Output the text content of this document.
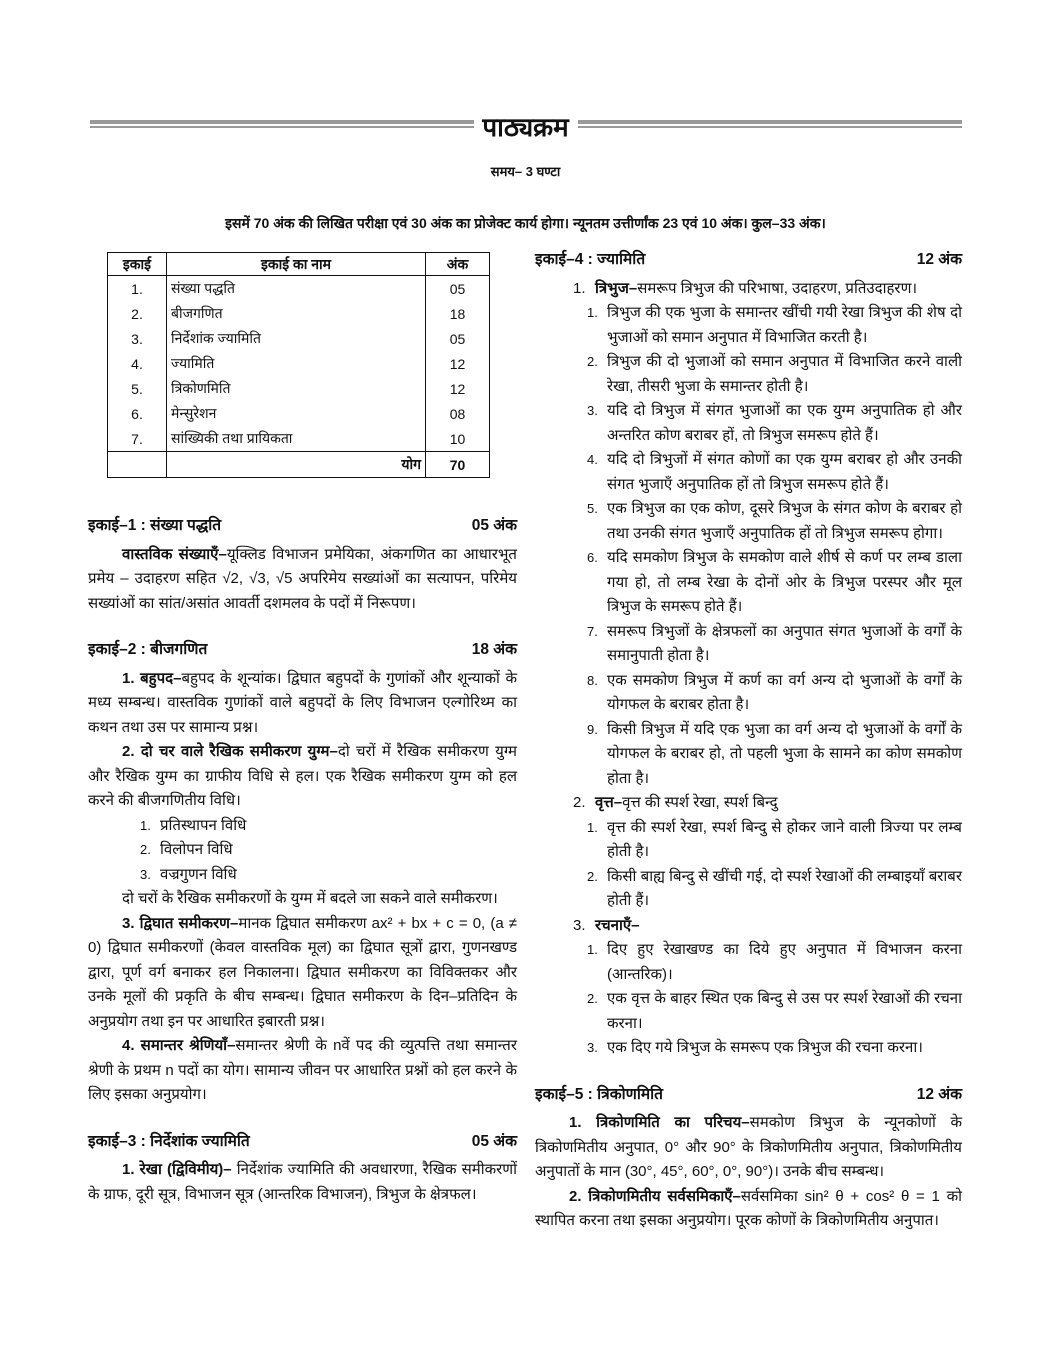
पाठ्यक्रम
समय– 3 घण्टा
इसमें 70 अंक की लिखित परीक्षा एवं 30 अंक का प्रोजेक्ट कार्य होगा। न्यूनतम उत्तीर्णांक 23 एवं 10 अंक। कुल–33 अंक।
इकाई	इकाई का नाम	अंक
1.	संख्या पद्धति	05
2.	बीजगणित	18
3.	निर्देशांक ज्यामिति	05
4.	ज्यामिति	12
5.	त्रिकोणमिति	12
6.	मेन्सुरेशन	08
7.	सांख्यिकी तथा प्रायिकता	10
	योग	70
इकाई–1 : संख्या पद्धति	05 अंक
वास्तविक संख्याएँ–यूक्लिड विभाजन प्रमेयिका, अंकगणित का आधारभूत प्रमेय – उदाहरण सहित √2, √3, √5 अपरिमेय सख्यांओं का सत्यापन, परिमेय सख्यांओं का सांत/असांत आवर्ती दशमलव के पदों में निरूपण।
इकाई–2 : बीजगणित	18 अंक
1. बहुपद–बहुपद के शून्यांक। द्विघात बहुपदों के गुणांकों और शून्याकों के मध्य सम्बन्ध। वास्तविक गुणांकों वाले बहुपदों के लिए विभाजन एल्गोरिथ्म का कथन तथा उस पर सामान्य प्रश्न।
2. दो चर वाले रैखिक समीकरण युग्म–दो चरों में रैखिक समीकरण युग्म और रैखिक युग्म का ग्राफीय विधि से हल। एक रैखिक समीकरण युग्म को हल करने की बीजगणितीय विधि।
1. प्रतिस्थापन विधि
2. विलोपन विधि
3. वज्रगुणन विधि
दो चरों के रैखिक समीकरणों के युग्म में बदले जा सकने वाले समीकरण।
3. द्विघात समीकरण–मानक द्विघात समीकरण ax² + bx + c = 0, (a ≠ 0) द्विघात समीकरणों (केवल वास्तविक मूल) का द्विघात सूत्रों द्वारा, गुणनखण्ड द्वारा, पूर्ण वर्ग बनाकर हल निकालना। द्विघात समीकरण का विविक्तकर और उनके मूलों की प्रकृति के बीच सम्बन्ध। द्विघात समीकरण के दिन–प्रतिदिन के अनुप्रयोग तथा इन पर आधारित इबारती प्रश्न।
4. समान्तर श्रेणियाँ–समान्तर श्रेणी के nवें पद की व्युत्पत्ति तथा समान्तर श्रेणी के प्रथम n पदों का योग। सामान्य जीवन पर आधारित प्रश्नों को हल करने के लिए इसका अनुप्रयोग।
इकाई–3 : निर्देशांक ज्यामिति	05 अंक
1. रेखा (द्विविमीय)– निर्देशांक ज्यामिति की अवधारणा, रैखिक समीकरणों के ग्राफ, दूरी सूत्र, विभाजन सूत्र (आन्तरिक विभाजन), त्रिभुज के क्षेत्रफल।
इकाई–4 : ज्यामिति	12 अंक
1. त्रिभुज–समरूप त्रिभुज की परिभाषा, उदाहरण, प्रतिउदाहरण।
1. त्रिभुज की एक भुजा के समान्तर खींची गयी रेखा त्रिभुज की शेष दो भुजाओं को समान अनुपात में विभाजित करती है।
2. त्रिभुज की दो भुजाओं को समान अनुपात में विभाजित करने वाली रेखा, तीसरी भुजा के समान्तर होती है।
3. यदि दो त्रिभुज में संगत भुजाओं का एक युग्म अनुपातिक हो और अन्तरित कोण बराबर हों, तो त्रिभुज समरूप होते हैं।
4. यदि दो त्रिभुजों में संगत कोणों का एक युग्म बराबर हो और उनकी संगत भुजाएँ अनुपातिक हों तो त्रिभुज समरूप होते हैं।
5. एक त्रिभुज का एक कोण, दूसरे त्रिभुज के संगत कोण के बराबर हो तथा उनकी संगत भुजाएँ अनुपातिक हों तो त्रिभुज समरूप होगा।
6. यदि समकोण त्रिभुज के समकोण वाले शीर्ष से कर्ण पर लम्ब डाला गया हो, तो लम्ब रेखा के दोनों ओर के त्रिभुज परस्पर और मूल त्रिभुज के समरूप होते हैं।
7. समरूप त्रिभुजों के क्षेत्रफलों का अनुपात संगत भुजाओं के वर्गों के समानुपाती होता है।
8. एक समकोण त्रिभुज में कर्ण का वर्ग अन्य दो भुजाओं के वर्गों के योगफल के बराबर होता है।
9. किसी त्रिभुज में यदि एक भुजा का वर्ग अन्य दो भुजाओं के वर्गों के योगफल के बराबर हो, तो पहली भुजा के सामने का कोण समकोण होता है।
2. वृत्त–वृत्त की स्पर्श रेखा, स्पर्श बिन्दु
1. वृत्त की स्पर्श रेखा, स्पर्श बिन्दु से होकर जाने वाली त्रिज्या पर लम्ब होती है।
2. किसी बाह्य बिन्दु से खींची गई, दो स्पर्श रेखाओं की लम्बाइयाँ बराबर होती हैं।
3. रचनाएँ–
1. दिए हुए रेखाखण्ड का दिये हुए अनुपात में विभाजन करना (आन्तरिक)।
2. एक वृत्त के बाहर स्थित एक बिन्दु से उस पर स्पर्श रेखाओं की रचना करना।
3. एक दिए गये त्रिभुज के समरूप एक त्रिभुज की रचना करना।
इकाई–5 : त्रिकोणमिति	12 अंक
1. त्रिकोणमिति का परिचय–समकोण त्रिभुज के न्यूनकोणों के त्रिकोणमितीय अनुपात, 0° और 90° के त्रिकोणमितीय अनुपात, त्रिकोणमितीय अनुपातों के मान (30°, 45°, 60°, 0°, 90°)। उनके बीच सम्बन्ध।
2. त्रिकोणमितीय सर्वसमिकाएँ–सर्वसमिका sin² θ + cos² θ = 1 को स्थापित करना तथा इसका अनुप्रयोग। पूरक कोणों के त्रिकोणमितीय अनुपात।
